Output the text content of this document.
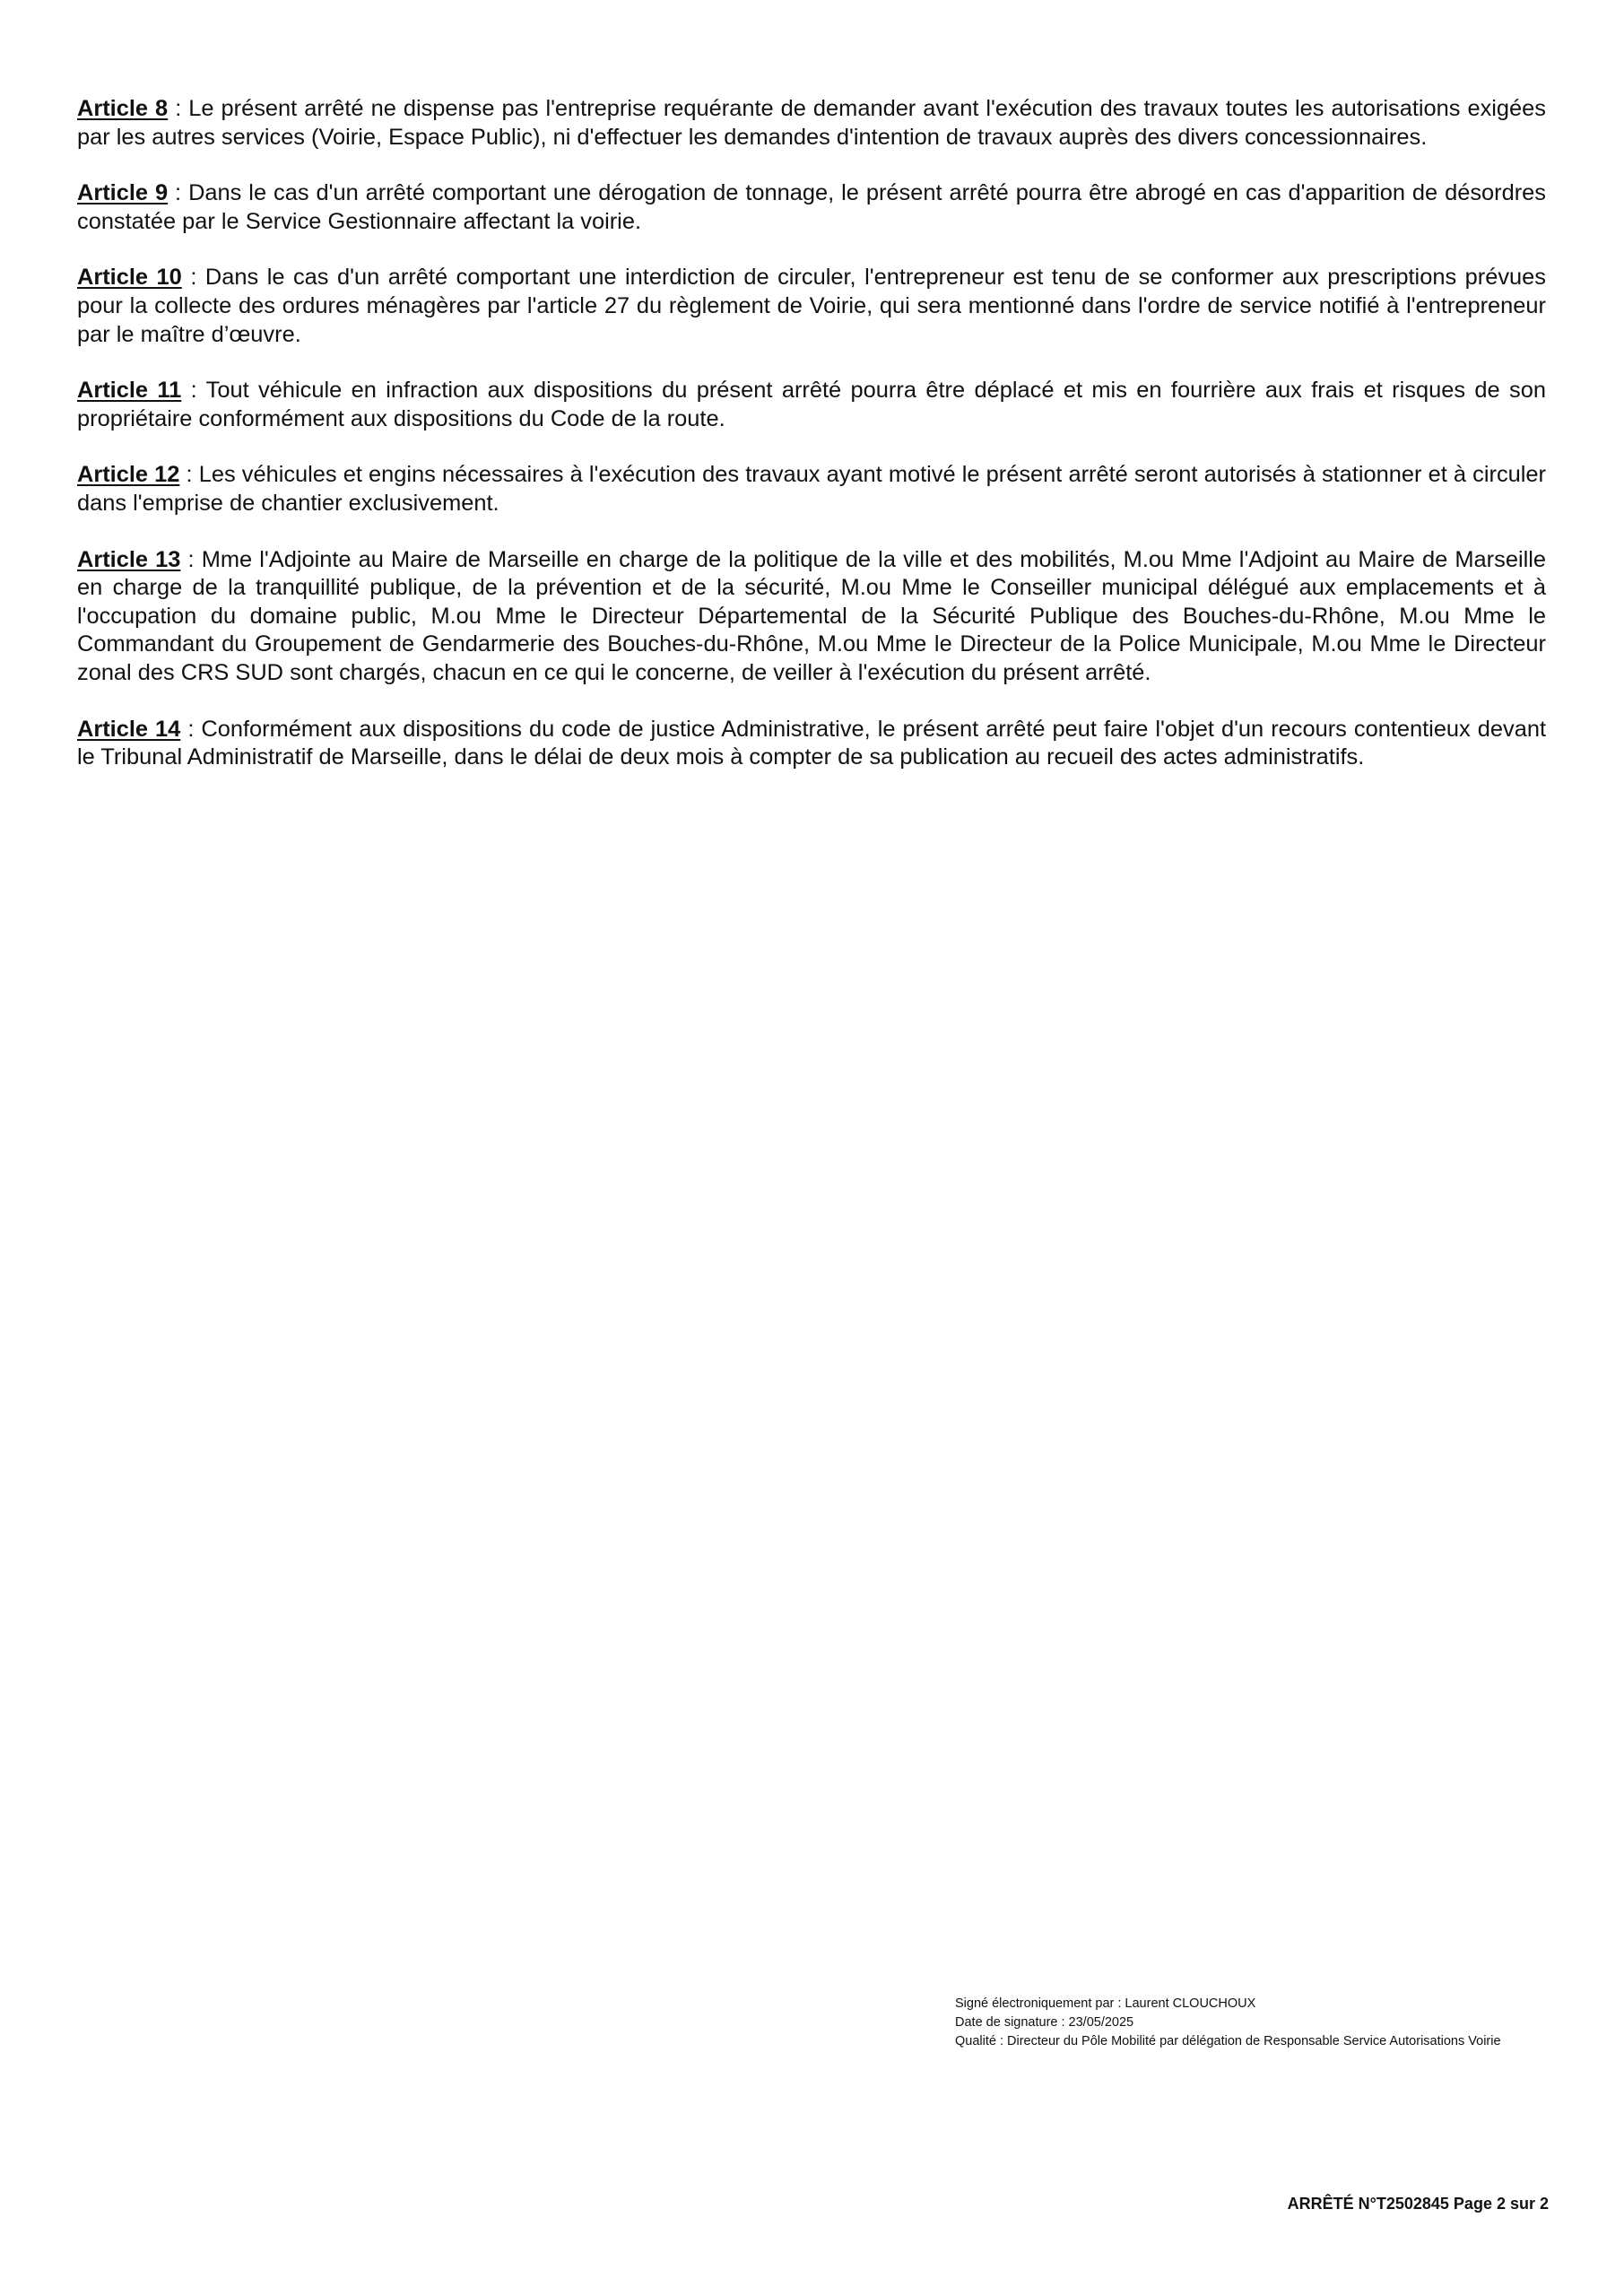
Article 8 : Le présent arrêté ne dispense pas l'entreprise requérante de demander avant l'exécution des travaux toutes les autorisations exigées par les autres services (Voirie, Espace Public), ni d'effectuer les demandes d'intention de travaux auprès des divers concessionnaires.

Article 9 : Dans le cas d'un arrêté comportant une dérogation de tonnage, le présent arrêté pourra être abrogé en cas d'apparition de désordres constatée par le Service Gestionnaire affectant la voirie.

Article 10 : Dans le cas d'un arrêté comportant une interdiction de circuler, l'entrepreneur est tenu de se conformer aux prescriptions prévues pour la collecte des ordures ménagères par l'article 27 du règlement de Voirie, qui sera mentionné dans l'ordre de service notifié à l'entrepreneur par le maître d’œuvre.

Article 11 : Tout véhicule en infraction aux dispositions du présent arrêté pourra être déplacé et mis en fourrière aux frais et risques de son propriétaire conformément aux dispositions du Code de la route.

Article 12 : Les véhicules et engins nécessaires à l'exécution des travaux ayant motivé le présent arrêté seront autorisés à stationner et à circuler dans l'emprise de chantier exclusivement.

Article 13 : Mme l'Adjointe au Maire de Marseille en charge de la politique de la ville et des mobilités, M.ou Mme l'Adjoint au Maire de Marseille en charge de la tranquillité publique, de la prévention et de la sécurité, M.ou Mme le Conseiller municipal délégué aux emplacements et à l'occupation du domaine public, M.ou Mme le Directeur Départemental de la Sécurité Publique des Bouches-du-Rhône, M.ou Mme le Commandant du Groupement de Gendarmerie des Bouches-du-Rhône, M.ou Mme le Directeur de la Police Municipale, M.ou Mme le Directeur zonal des CRS SUD sont chargés, chacun en ce qui le concerne, de veiller à l'exécution du présent arrêté.

Article 14 : Conformément aux dispositions du code de justice Administrative, le présent arrêté peut faire l'objet d'un recours contentieux devant le Tribunal Administratif de Marseille, dans le délai de deux mois à compter de sa publication au recueil des actes administratifs.

Signé électroniquement par : Laurent CLOUCHOUX
Date de signature : 23/05/2025
Qualité : Directeur du Pôle Mobilité par délégation de Responsable Service Autorisations Voirie
ARRÊTÉ N°T2502845 Page 2 sur 2
